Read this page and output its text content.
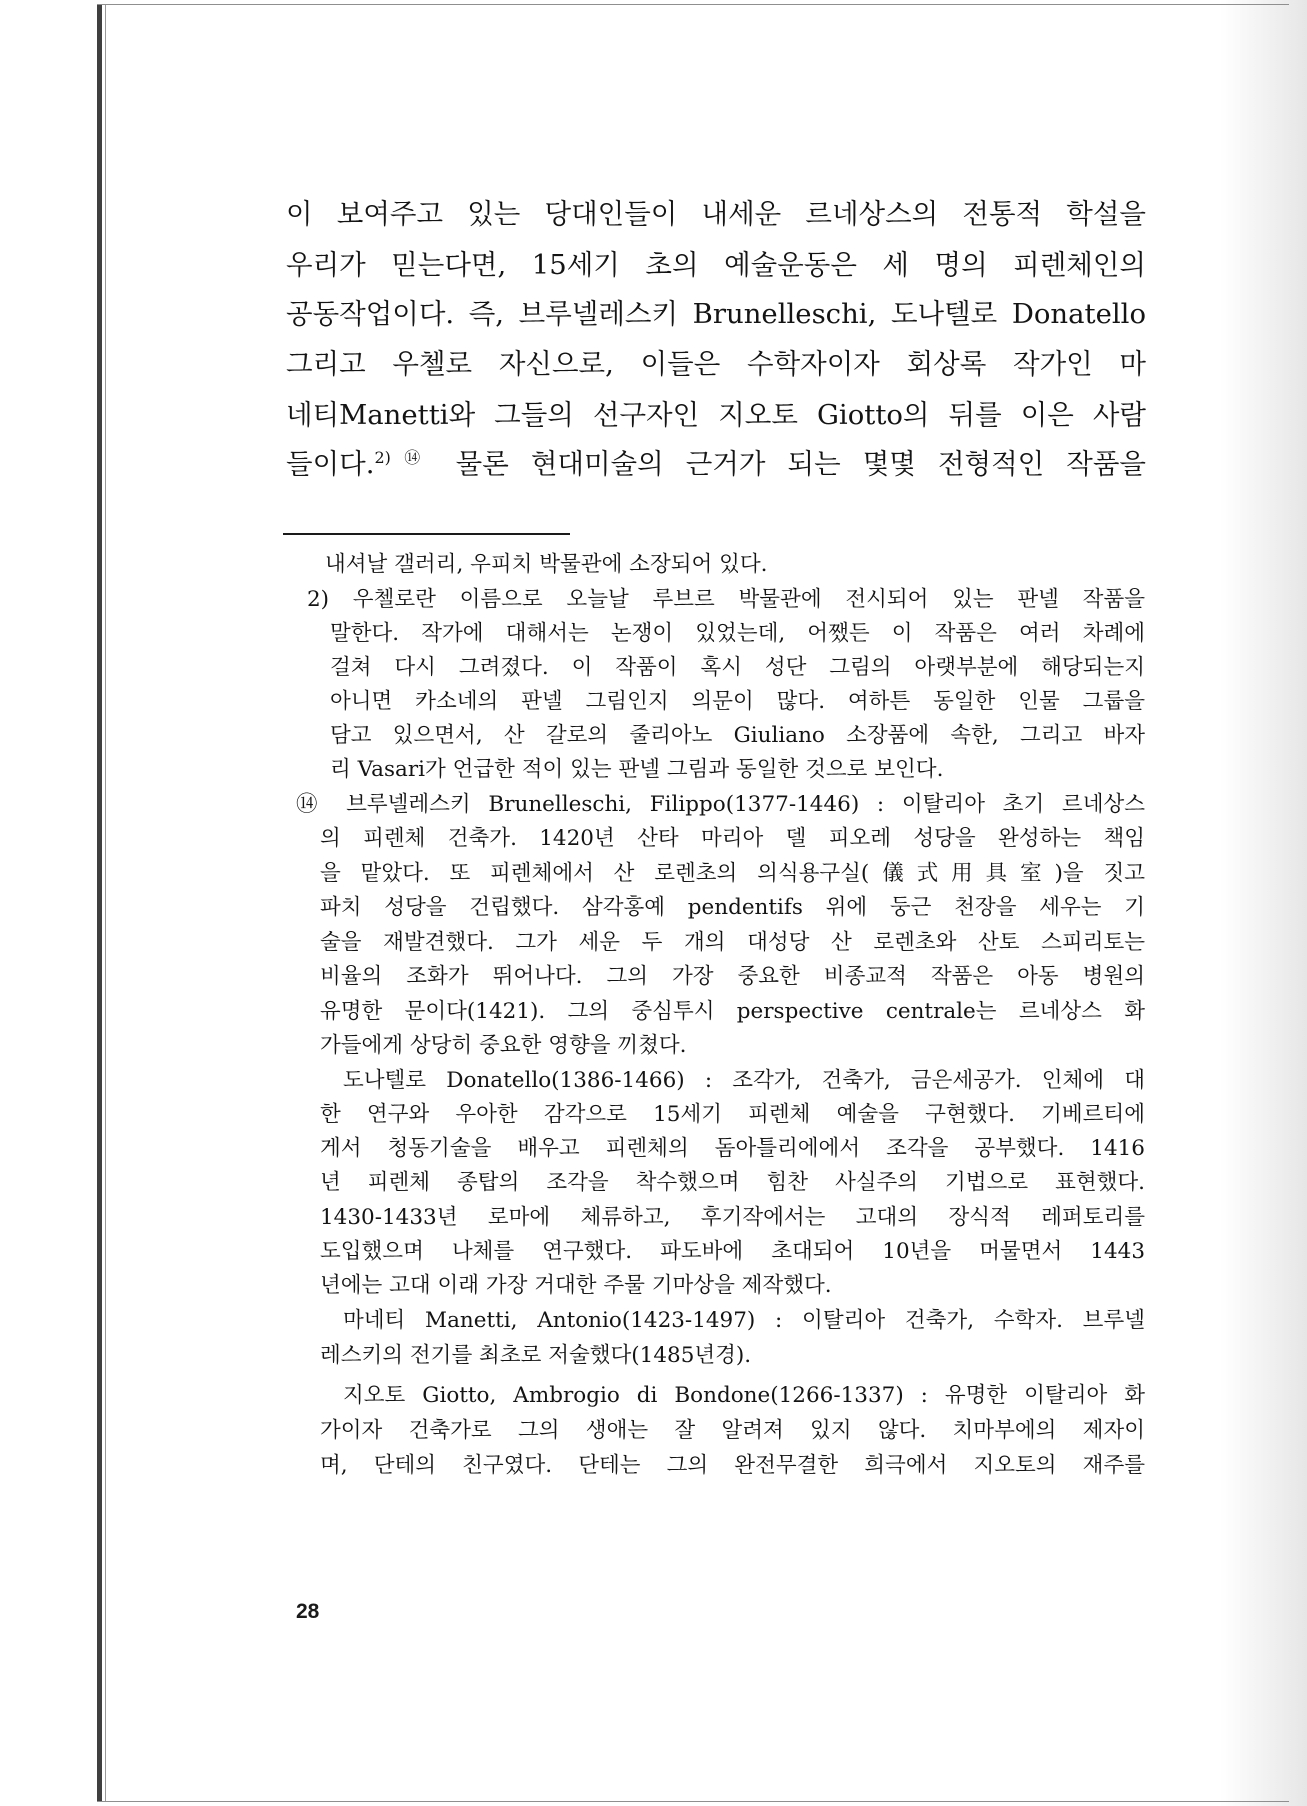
이 보여주고 있는 당대인들이 내세운 르네상스의 전통적 학설을
우리가 믿는다면, 15세기 초의 예술운동은 세 명의 피렌체인의
공동작업이다. 즉, 브루넬레스키 Brunelleschi, 도나텔로 Donatello
그리고 우첼로 자신으로, 이들은 수학자이자 회상록 작가인 마
네티Manetti와 그들의 선구자인 지오토 Giotto의 뒤를 이은 사람
들이다.$^{2)⑭}$ 물론 현대미술의 근거가 되는 몇몇 전형적인 작품을
내셔날 갤러리, 우피치 박물관에 소장되어 있다.
2) 우첼로란 이름으로 오늘날 루브르 박물관에 전시되어 있는 판넬 작품을
말한다. 작가에 대해서는 논쟁이 있었는데, 어쨌든 이 작품은 여러 차례에
걸쳐 다시 그려졌다. 이 작품이 혹시 성단 그림의 아랫부분에 해당되는지
아니면 카소네의 판넬 그림인지 의문이 많다. 여하튼 동일한 인물 그룹을
담고 있으면서, 산 갈로의 줄리아노 Giuliano 소장품에 속한, 그리고 바자
리 Vasari가 언급한 적이 있는 판넬 그림과 동일한 것으로 보인다.
⑭ 브루넬레스키 Brunelleschi, Filippo(1377-1446) : 이탈리아 초기 르네상스
의 피렌체 건축가. 1420년 산타 마리아 델 피오레 성당을 완성하는 책임
을 맡았다. 또 피렌체에서 산 로렌초의 의식용구실(儀式用具室)을 짓고
파치 성당을 건립했다. 삼각홍예 pendentifs 위에 둥근 천장을 세우는 기
술을 재발견했다. 그가 세운 두 개의 대성당 산 로렌초와 산토 스피리토는
비율의 조화가 뛰어나다. 그의 가장 중요한 비종교적 작품은 아동 병원의
유명한 문이다(1421). 그의 중심투시 perspective centrale는 르네상스 화
가들에게 상당히 중요한 영향을 끼쳤다.
도나텔로 Donatello(1386-1466) : 조각가, 건축가, 금은세공가. 인체에 대
한 연구와 우아한 감각으로 15세기 피렌체 예술을 구현했다. 기베르티에
게서 청동기술을 배우고 피렌체의 돔아틀리에에서 조각을 공부했다. 1416
년 피렌체 종탑의 조각을 착수했으며 힘찬 사실주의 기법으로 표현했다.
1430-1433년 로마에 체류하고, 후기작에서는 고대의 장식적 레퍼토리를
도입했으며 나체를 연구했다. 파도바에 초대되어 10년을 머물면서 1443
년에는 고대 이래 가장 거대한 주물 기마상을 제작했다.
마네티 Manetti, Antonio(1423-1497) : 이탈리아 건축가, 수학자. 브루넬
레스키의 전기를 최초로 저술했다(1485년경).
지오토 Giotto, Ambrogio di Bondone(1266-1337) : 유명한 이탈리아 화
가이자 건축가로 그의 생애는 잘 알려져 있지 않다. 치마부에의 제자이
며, 단테의 친구였다. 단테는 그의 완전무결한 희극에서 지오토의 재주를
28
